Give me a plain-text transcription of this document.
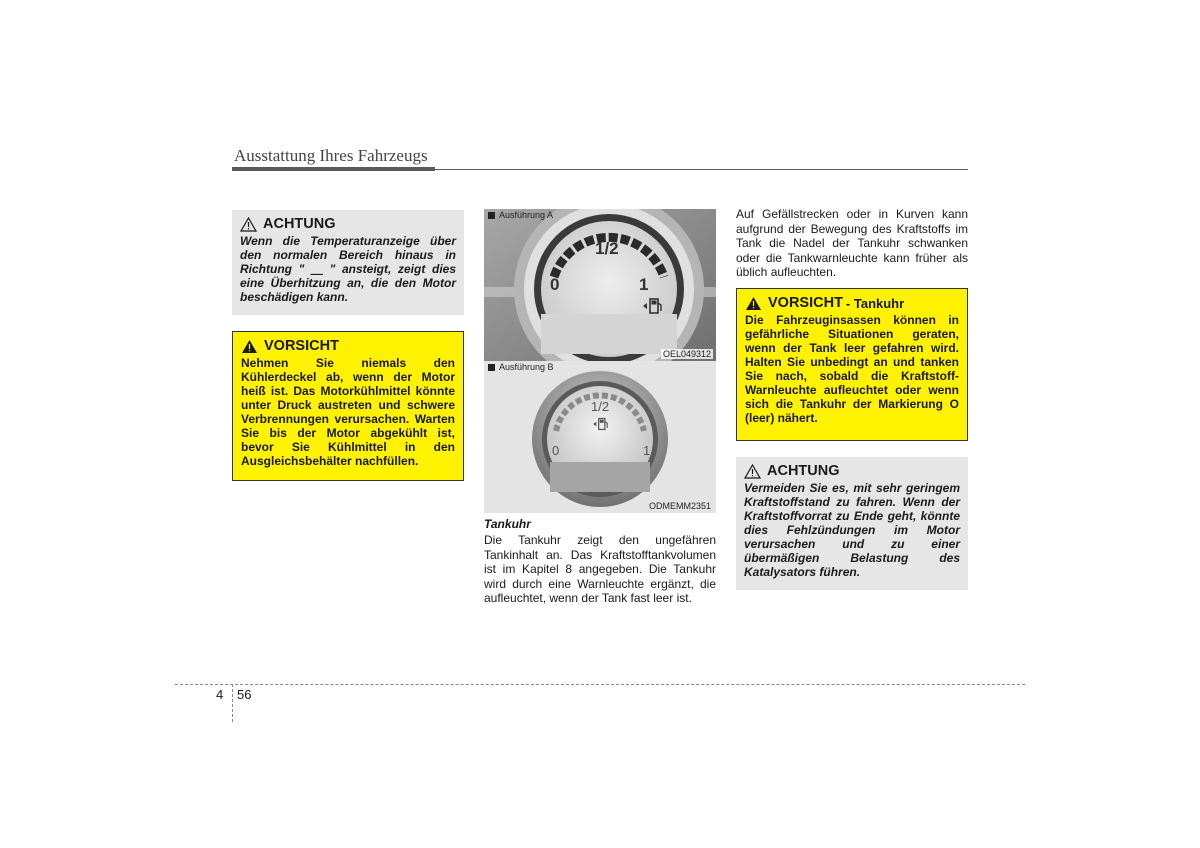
Ausstattung Ihres Fahrzeugs
ACHTUNG
Wenn die Temperaturanzeige über den normalen Bereich hinaus in Richtung " ⸏ " ansteigt, zeigt dies eine Überhitzung an, die den Motor beschädigen kann.
VORSICHT
Nehmen Sie niemals den Kühlerdeckel ab, wenn der Motor heiß ist. Das Motorkühlmittel könnte unter Druck austreten und schwere Verbrennungen verursachen. Warten Sie bis der Motor abgekühlt ist, bevor Sie Kühlmittel in den Ausgleichsbehälter nachfüllen.
Ausführung A
1/2
0	1
OEL049312
Ausführung B
1/2
0	1
ODMEMM2351
Tankuhr
Die Tankuhr zeigt den ungefähren Tankinhalt an. Das Kraftstofftankvolumen ist im Kapitel 8 angegeben. Die Tankuhr wird durch eine Warnleuchte ergänzt, die aufleuchtet, wenn der Tank fast leer ist.
Auf Gefällstrecken oder in Kurven kann aufgrund der Bewegung des Kraftstoffs im Tank die Nadel der Tankuhr schwanken oder die Tankwarnleuchte kann früher als üblich aufleuchten.
VORSICHT - Tankuhr
Die Fahrzeuginsassen können in gefährliche Situationen geraten, wenn der Tank leer gefahren wird. Halten Sie unbedingt an und tanken Sie nach, sobald die Kraftstoff-Warnleuchte aufleuchtet oder wenn sich die Tankuhr der Markierung O (leer) nähert.
ACHTUNG
Vermeiden Sie es, mit sehr geringem Kraftstoffstand zu fahren. Wenn der Kraftstoffvorrat zu Ende geht, könnte dies Fehlzündungen im Motor verursachen und zu einer übermäßigen Belastung des Katalysators führen.
4 56
